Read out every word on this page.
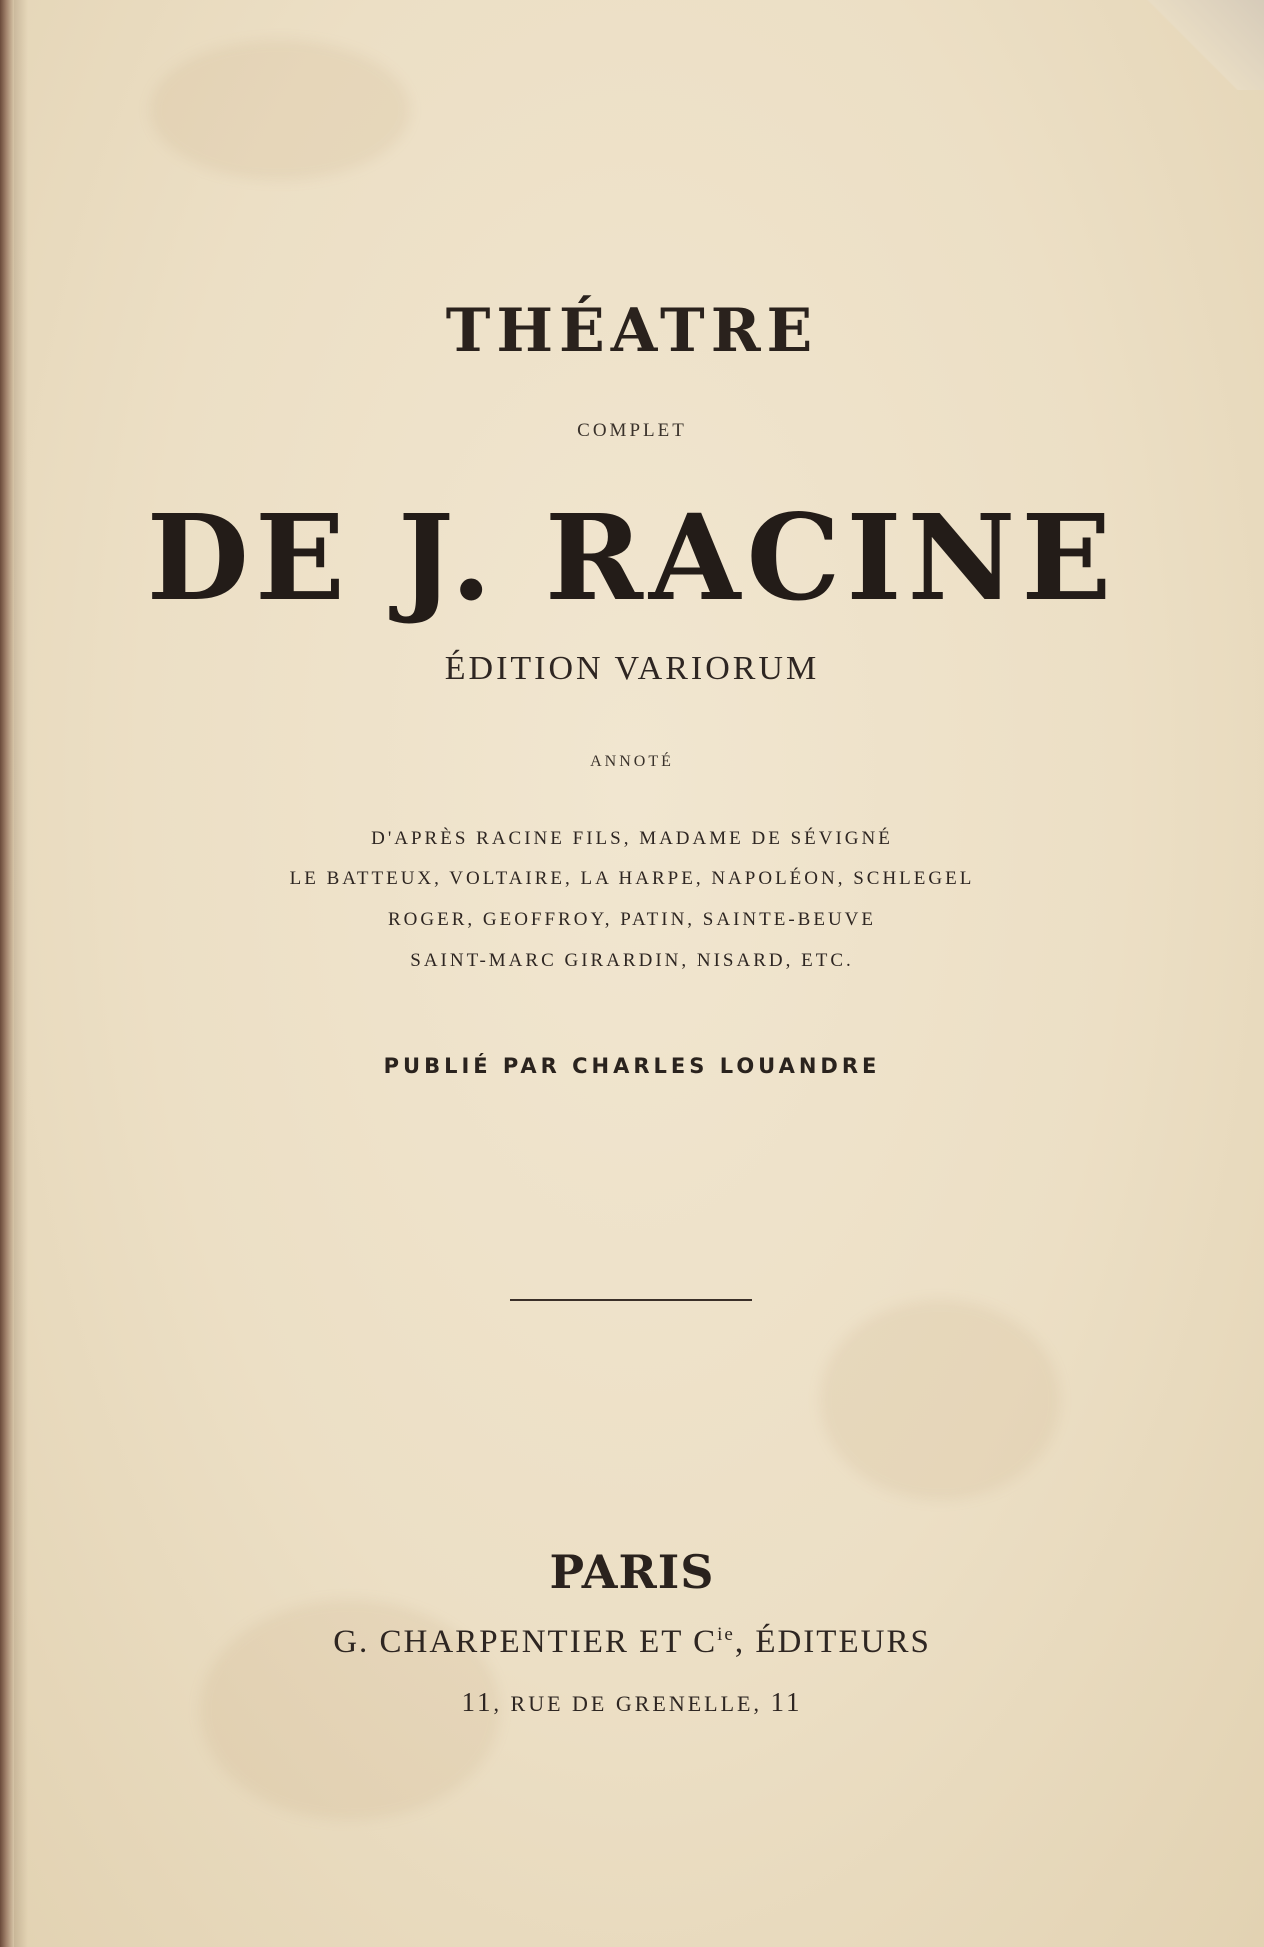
THÉATRE

COMPLET

DE J. RACINE

ÉDITION VARIORUM

ANNOTÉ

D'APRÈS RACINE FILS, MADAME DE SÉVIGNÉ

LE BATTEUX, VOLTAIRE, LA HARPE, NAPOLÉON, SCHLEGEL

ROGER, GEOFFROY, PATIN, SAINTE-BEUVE

SAINT-MARC GIRARDIN, NISARD, ETC.

PUBLIÉ PAR CHARLES LOUANDRE

PARIS

G. CHARPENTIER ET $C^{ie}$, ÉDITEURS

11, RUE DE GRENELLE, 11
